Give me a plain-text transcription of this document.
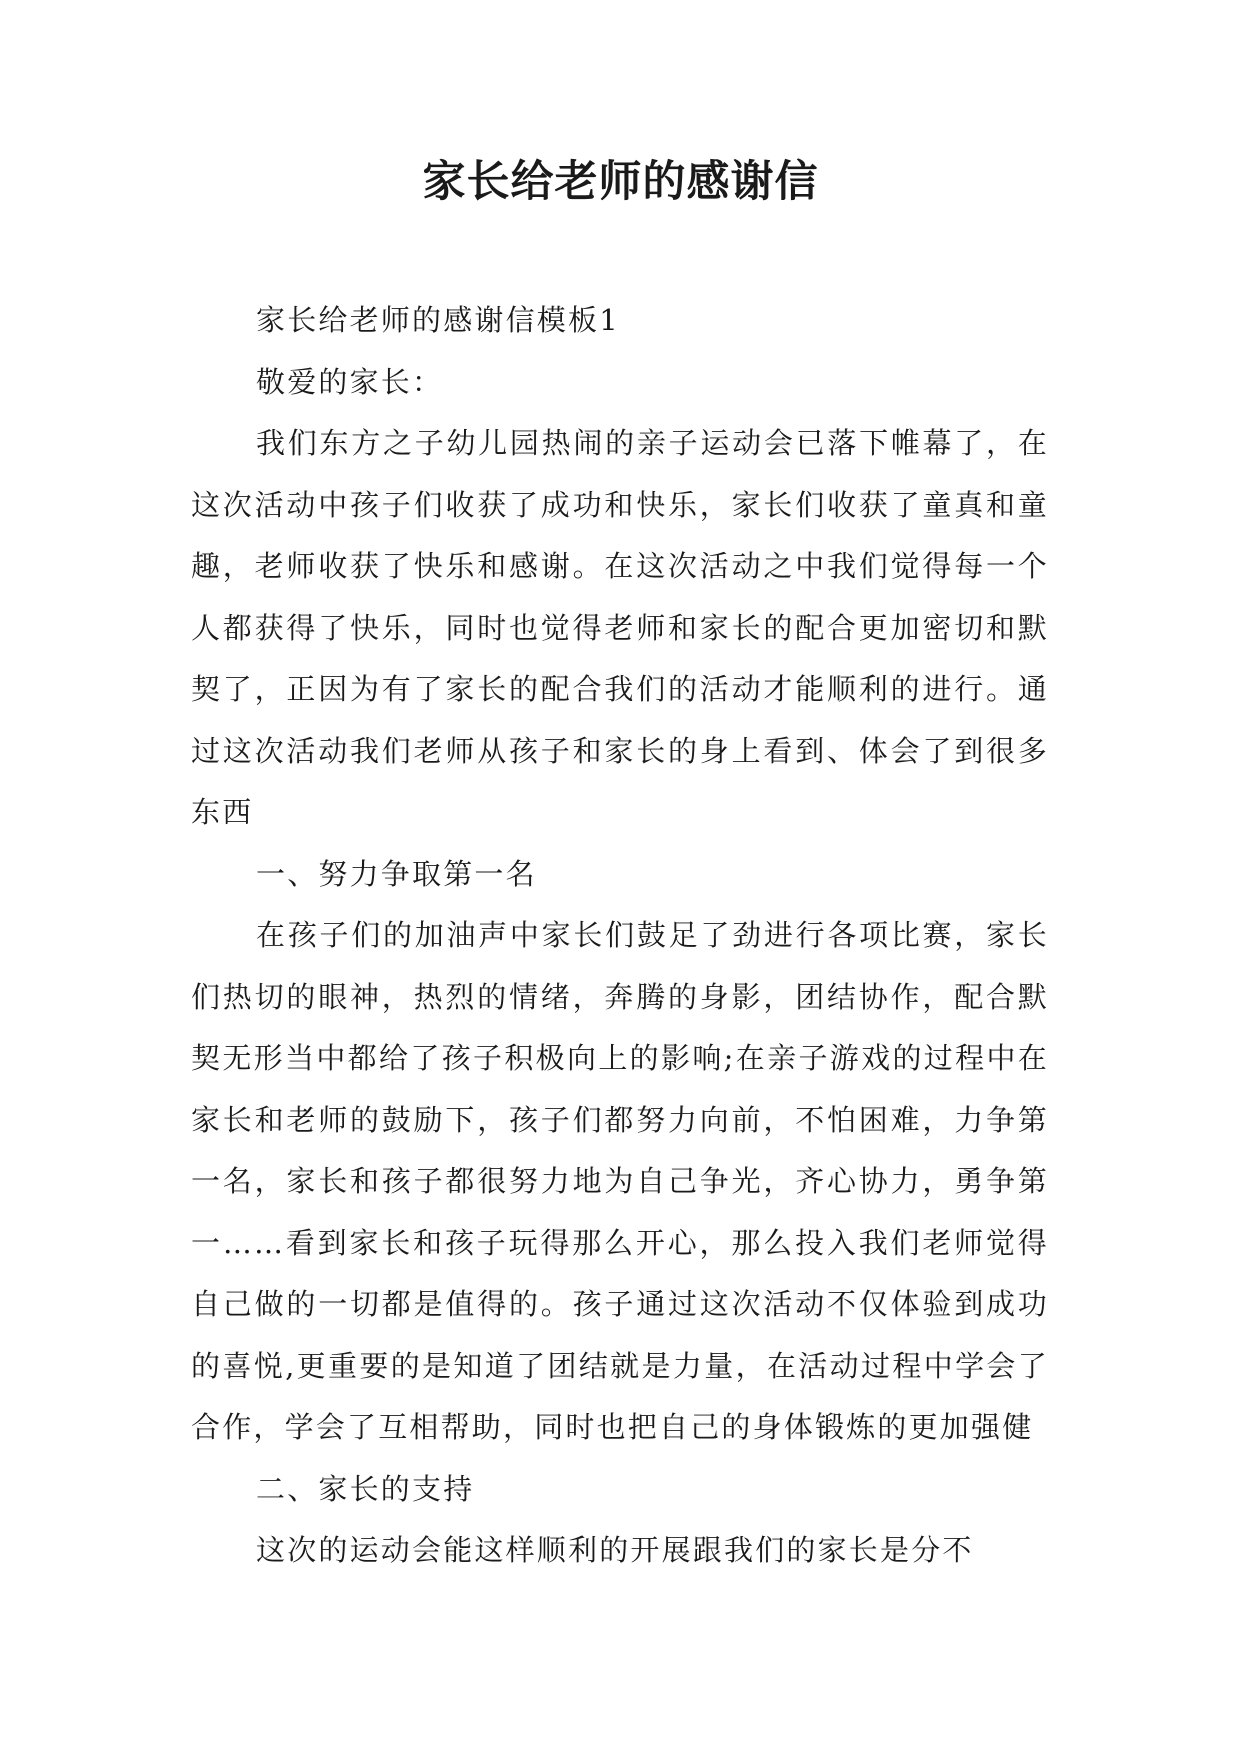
家长给老师的感谢信

家长给老师的感谢信模板1

敬爱的家长：

我们东方之子幼儿园热闹的亲子运动会已落下帷幕了，在这次活动中孩子们收获了成功和快乐，家长们收获了童真和童趣，老师收获了快乐和感谢。在这次活动之中我们觉得每一个人都获得了快乐，同时也觉得老师和家长的配合更加密切和默契了，正因为有了家长的配合我们的活动才能顺利的进行。通过这次活动我们老师从孩子和家长的身上看到、体会了到很多东西

一、努力争取第一名

在孩子们的加油声中家长们鼓足了劲进行各项比赛，家长们热切的眼神，热烈的情绪，奔腾的身影，团结协作，配合默契无形当中都给了孩子积极向上的影响;在亲子游戏的过程中在家长和老师的鼓励下，孩子们都努力向前，不怕困难，力争第一名，家长和孩子都很努力地为自己争光，齐心协力，勇争第一……看到家长和孩子玩得那么开心，那么投入我们老师觉得自己做的一切都是值得的。孩子通过这次活动不仅体验到成功的喜悦,更重要的是知道了团结就是力量，在活动过程中学会了合作，学会了互相帮助，同时也把自己的身体锻炼的更加强健

二、家长的支持

这次的运动会能这样顺利的开展跟我们的家长是分不
